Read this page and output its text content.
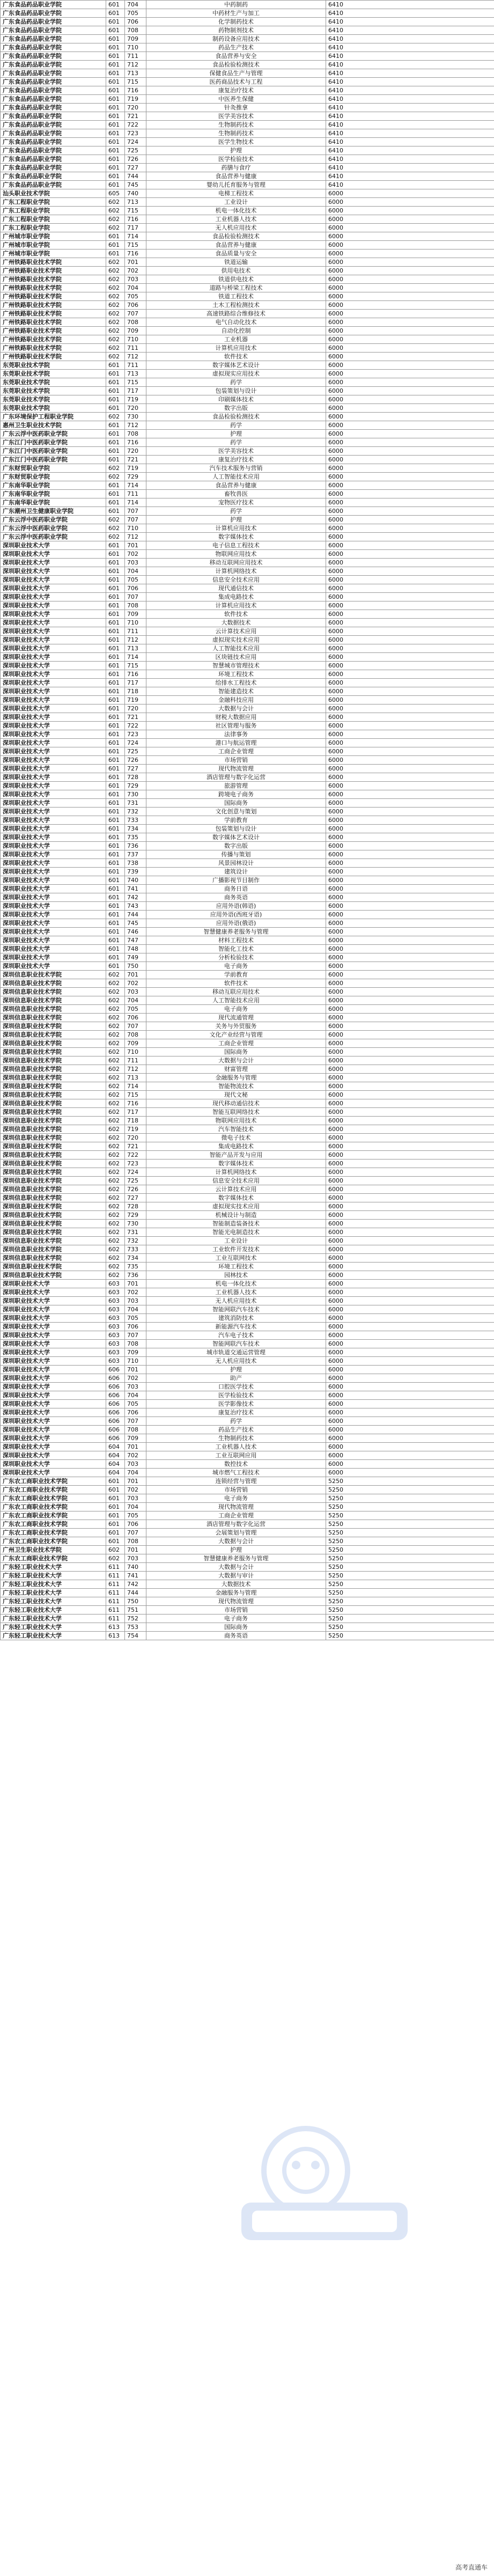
广东食品药品职业学院	601	704	中药制药	6410
广东食品药品职业学院	601	705	中药材生产与加工	6410
广东食品药品职业学院	601	706	化学制药技术	6410
广东食品药品职业学院	601	708	药物制剂技术	6410
广东食品药品职业学院	601	709	制药设备应用技术	6410
广东食品药品职业学院	601	710	药品生产技术	6410
广东食品药品职业学院	601	711	食品营养与安全	6410
广东食品药品职业学院	601	712	食品检验检测技术	6410
广东食品药品职业学院	601	713	保健食品生产与管理	6410
广东食品药品职业学院	601	715	医药商品技术与工程	6410
广东食品药品职业学院	601	716	康复治疗技术	6410
广东食品药品职业学院	601	719	中医养生保健	6410
广东食品药品职业学院	601	720	针灸推拿	6410
广东食品药品职业学院	601	721	医学美容技术	6410
广东食品药品职业学院	601	722	生物制药技术	6410
广东食品药品职业学院	601	723	生物制药技术	6410
广东食品药品职业学院	601	724	医学生物技术	6410
广东食品药品职业学院	601	725	护理	6410
广东食品药品职业学院	601	726	医学检验技术	6410
广东食品药品职业学院	601	727	药膳与食疗	6410
广东食品药品职业学院	601	744	食品营养与健康	6410
广东食品药品职业学院	601	745	婴幼儿托育服务与管理	6410
汕头职业技术学院	605	740	电梯工程技术	6000
广东工程职业学院	602	713	工业设计	6000
广东工程职业学院	602	715	机电一体化技术	6000
广东工程职业学院	602	716	工业机器人技术	6000
广东工程职业学院	602	717	无人机应用技术	6000
广州城市职业学院	601	714	食品检验检测技术	6000
广州城市职业学院	601	715	食品营养与健康	6000
广州城市职业学院	601	716	食品质量与安全	6000
广州铁路职业技术学院	602	701	铁道运输	6000
广州铁路职业技术学院	602	702	供用电技术	6000
广州铁路职业技术学院	602	703	铁道供电技术	6000
广州铁路职业技术学院	602	704	道路与桥梁工程技术	6000
广州铁路职业技术学院	602	705	铁道工程技术	6000
广州铁路职业技术学院	602	706	土木工程检测技术	6000
广州铁路职业技术学院	602	707	高速铁路综合维修技术	6000
广州铁路职业技术学院	602	708	电气自动化技术	6000
广州铁路职业技术学院	602	709	自动化控制	6000
广州铁路职业技术学院	602	710	工业机器	6000
广州铁路职业技术学院	602	711	计算机应用技术	6000
广州铁路职业技术学院	602	712	软件技术	6000
东莞职业技术学院	601	711	数字媒体艺术设计	6000
东莞职业技术学院	601	713	虚拟现实应用技术	6000
东莞职业技术学院	601	715	药学	6000
东莞职业技术学院	601	717	包装策划与设计	6000
东莞职业技术学院	601	719	印刷媒体技术	6000
东莞职业技术学院	601	720	数字出版	6000
广东环境保护工程职业学院	602	730	食品检验检测技术	6000
惠州卫生职业技术学院	601	712	药学	6000
广东云浮中医药职业学院	601	708	护理	6000
广东江门中医药职业学院	601	716	药学	6000
广东江门中医药职业学院	601	720	医学美容技术	6000
广东江门中医药职业学院	601	721	康复治疗技术	6000
广东财贸职业学院	602	719	汽车技术服务与营销	6000
广东财贸职业学院	602	729	人工智能技术应用	6000
广东南华职业学院	601	714	食品营养与健康	6000
广东南华职业学院	601	711	畜牧兽医	6000
广东南华职业学院	601	714	宠物医疗技术	6000
广东潮州卫生健康职业学院	601	707	药学	6000
广东云浮中医药职业学院	602	707	护理	6000
广东云浮中医药职业学院	602	710	计算机应用技术	6000
广东云浮中医药职业学院	602	712	数字媒体技术	6000
深圳职业技术大学	601	701	电子信息工程技术	6000
深圳职业技术大学	601	702	物联网应用技术	6000
深圳职业技术大学	601	703	移动互联网应用技术	6000
深圳职业技术大学	601	704	计算机网络技术	6000
深圳职业技术大学	601	705	信息安全技术应用	6000
深圳职业技术大学	601	706	现代通信技术	6000
深圳职业技术大学	601	707	集成电路技术	6000
深圳职业技术大学	601	708	计算机应用技术	6000
深圳职业技术大学	601	709	软件技术	6000
深圳职业技术大学	601	710	大数据技术	6000
深圳职业技术大学	601	711	云计算技术应用	6000
深圳职业技术大学	601	712	虚拟现实技术应用	6000
深圳职业技术大学	601	713	人工智能技术应用	6000
深圳职业技术大学	601	714	区块链技术应用	6000
深圳职业技术大学	601	715	智慧城市管理技术	6000
深圳职业技术大学	601	716	环境工程技术	6000
深圳职业技术大学	601	717	给排水工程技术	6000
深圳职业技术大学	601	718	智能建造技术	6000
深圳职业技术大学	601	719	金融科技应用	6000
深圳职业技术大学	601	720	大数据与会计	6000
深圳职业技术大学	601	721	财税大数据应用	6000
深圳职业技术大学	601	722	社区管理与服务	6000
深圳职业技术大学	601	723	法律事务	6000
深圳职业技术大学	601	724	港口与航运管理	6000
深圳职业技术大学	601	725	工商企业管理	6000
深圳职业技术大学	601	726	市场营销	6000
深圳职业技术大学	601	727	现代物流管理	6000
深圳职业技术大学	601	728	酒店管理与数字化运营	6000
深圳职业技术大学	601	729	旅游管理	6000
深圳职业技术大学	601	730	跨境电子商务	6000
深圳职业技术大学	601	731	国际商务	6000
深圳职业技术大学	601	732	文化创意与策划	6000
深圳职业技术大学	601	733	学前教育	6000
深圳职业技术大学	601	734	包装策划与设计	6000
深圳职业技术大学	601	735	数字媒体艺术设计	6000
深圳职业技术大学	601	736	数字出版	6000
深圳职业技术大学	601	737	传播与策划	6000
深圳职业技术大学	601	738	风景园林设计	6000
深圳职业技术大学	601	739	建筑设计	6000
深圳职业技术大学	601	740	广播影视节目制作	6000
深圳职业技术大学	601	741	商务日语	6000
深圳职业技术大学	601	742	商务英语	6000
深圳职业技术大学	601	743	应用外语(韩语)	6000
深圳职业技术大学	601	744	应用外语(西班牙语)	6000
深圳职业技术大学	601	745	应用外语(俄语)	6000
深圳职业技术大学	601	746	智慧健康养老服务与管理	6000
深圳职业技术大学	601	747	材料工程技术	6000
深圳职业技术大学	601	748	智能化工技术	6000
深圳职业技术大学	601	749	分析检验技术	6000
深圳职业技术大学	601	750	电子商务	6000
深圳信息职业技术学院	602	701	学前教育	6000
深圳信息职业技术学院	602	702	软件技术	6000
深圳信息职业技术学院	602	703	移动互联应用技术	6000
深圳信息职业技术学院	602	704	人工智能技术应用	6000
深圳信息职业技术学院	602	705	电子商务	6000
深圳信息职业技术学院	602	706	现代流通管理	6000
深圳信息职业技术学院	602	707	关务与外贸服务	6000
深圳信息职业技术学院	602	708	文化产业经营与管理	6000
深圳信息职业技术学院	602	709	工商企业管理	6000
深圳信息职业技术学院	602	710	国际商务	6000
深圳信息职业技术学院	602	711	大数据与会计	6000
深圳信息职业技术学院	602	712	财富管理	6000
深圳信息职业技术学院	602	713	金融服务与管理	6000
深圳信息职业技术学院	602	714	智能物流技术	6000
深圳信息职业技术学院	602	715	现代文秘	6000
深圳信息职业技术学院	602	716	现代移动通信技术	6000
深圳信息职业技术学院	602	717	智能互联网络技术	6000
深圳信息职业技术学院	602	718	物联网应用技术	6000
深圳信息职业技术学院	602	719	汽车智能技术	6000
深圳信息职业技术学院	602	720	微电子技术	6000
深圳信息职业技术学院	602	721	集成电路技术	6000
深圳信息职业技术学院	602	722	智能产品开发与应用	6000
深圳信息职业技术学院	602	723	数字媒体技术	6000
深圳信息职业技术学院	602	724	计算机网络技术	6000
深圳信息职业技术学院	602	725	信息安全技术应用	6000
深圳信息职业技术学院	602	726	云计算技术应用	6000
深圳信息职业技术学院	602	727	数字媒体技术	6000
深圳信息职业技术学院	602	728	虚拟现实技术应用	6000
深圳信息职业技术学院	602	729	机械设计与制造	6000
深圳信息职业技术学院	602	730	智能制造装备技术	6000
深圳信息职业技术学院	602	731	智能光电制造技术	6000
深圳信息职业技术学院	602	732	工业设计	6000
深圳信息职业技术学院	602	733	工业软件开发技术	6000
深圳信息职业技术学院	602	734	工业互联网技术	6000
深圳信息职业技术学院	602	735	环境工程技术	6000
深圳信息职业技术学院	602	736	园林技术	6000
深圳职业技术大学	603	701	机电一体化技术	6000
深圳职业技术大学	603	702	工业机器人技术	6000
深圳职业技术大学	603	703	无人机应用技术	6000
深圳职业技术大学	603	704	智能网联汽车技术	6000
深圳职业技术大学	603	705	建筑消防技术	6000
深圳职业技术大学	603	706	新能源汽车技术	6000
深圳职业技术大学	603	707	汽车电子技术	6000
深圳职业技术大学	603	708	智能网联汽车技术	6000
深圳职业技术大学	603	709	城市轨道交通运营管理	6000
深圳职业技术大学	603	710	无人机应用技术	6000
深圳职业技术大学	606	701	护理	6000
深圳职业技术大学	606	702	助产	6000
深圳职业技术大学	606	703	口腔医学技术	6000
深圳职业技术大学	606	704	医学检验技术	6000
深圳职业技术大学	606	705	医学影像技术	6000
深圳职业技术大学	606	706	康复治疗技术	6000
深圳职业技术大学	606	707	药学	6000
深圳职业技术大学	606	708	药品生产技术	6000
深圳职业技术大学	606	709	生物制药技术	6000
深圳职业技术大学	604	701	工业机器人技术	6000
深圳职业技术大学	604	702	工业互联网应用	6000
深圳职业技术大学	604	703	数控技术	6000
深圳职业技术大学	604	704	城市燃气工程技术	6000
广东农工商职业技术学院	601	701	连锁经营与管理	5250
广东农工商职业技术学院	601	702	市场营销	5250
广东农工商职业技术学院	601	703	电子商务	5250
广东农工商职业技术学院	601	704	现代物流管理	5250
广东农工商职业技术学院	601	705	工商企业管理	5250
广东农工商职业技术学院	601	706	酒店管理与数字化运营	5250
广东农工商职业技术学院	601	707	会展策划与管理	5250
广东农工商职业技术学院	601	708	大数据与会计	5250
广州卫生职业技术学院	602	701	护理	5250
广东农工商职业技术学院	602	703	智慧健康养老服务与管理	5250
广东轻工职业技术大学	611	740	大数据与会计	5250
广东轻工职业技术大学	611	741	大数据与审计	5250
广东轻工职业技术大学	611	742	大数据技术	5250
广东轻工职业技术大学	611	744	金融服务与管理	5250
广东轻工职业技术大学	611	750	现代物流管理	5250
广东轻工职业技术大学	611	751	市场营销	5250
广东轻工职业技术大学	611	752	电子商务	5250
广东轻工职业技术大学	613	753	国际商务	5250
广东轻工职业技术大学	613	754	商务英语	5250
高考直通车
